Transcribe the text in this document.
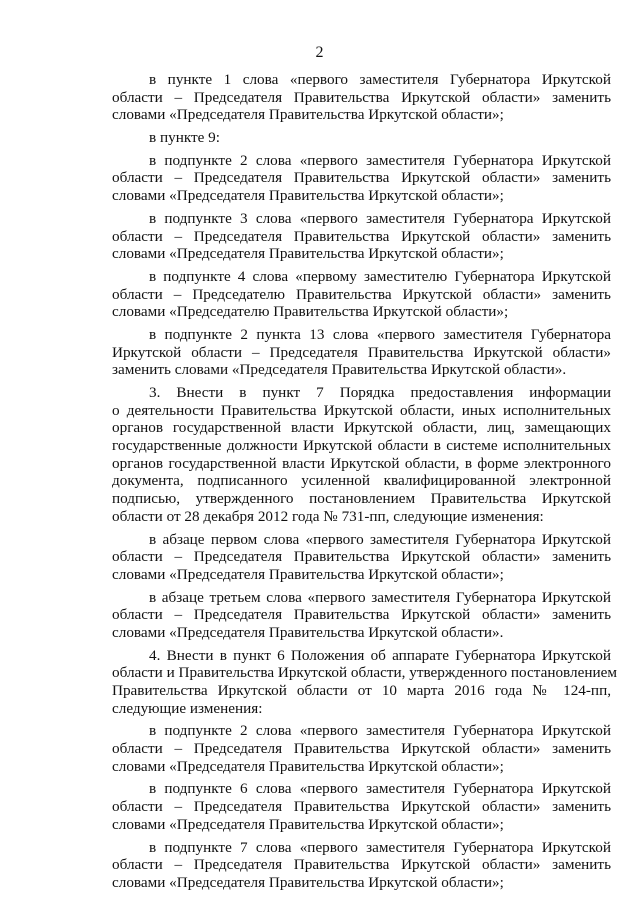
2
в пункте 1 слова «первого заместителя Губернатора Иркутской
области – Председателя Правительства Иркутской области» заменить
словами «Председателя Правительства Иркутской области»;
в пункте 9:
в подпункте 2 слова «первого заместителя Губернатора Иркутской
области – Председателя Правительства Иркутской области» заменить
словами «Председателя Правительства Иркутской области»;
в подпункте 3 слова «первого заместителя Губернатора Иркутской
области – Председателя Правительства Иркутской области» заменить
словами «Председателя Правительства Иркутской области»;
в подпункте 4 слова «первому заместителю Губернатора Иркутской
области – Председателю Правительства Иркутской области» заменить
словами «Председателю Правительства Иркутской области»;
в подпункте 2 пункта 13 слова «первого заместителя Губернатора
Иркутской области – Председателя Правительства Иркутской области»
заменить словами «Председателя Правительства Иркутской области».
3. Внести в пункт 7 Порядка предоставления информации
о деятельности Правительства Иркутской области, иных исполнительных
органов государственной власти Иркутской области, лиц, замещающих
государственные должности Иркутской области в системе исполнительных
органов государственной власти Иркутской области, в форме электронного
документа, подписанного усиленной квалифицированной электронной
подписью, утвержденного постановлением Правительства Иркутской
области от 28 декабря 2012 года № 731-пп, следующие изменения:
в абзаце первом слова «первого заместителя Губернатора Иркутской
области – Председателя Правительства Иркутской области» заменить
словами «Председателя Правительства Иркутской области»;
в абзаце третьем слова «первого заместителя Губернатора Иркутской
области – Председателя Правительства Иркутской области» заменить
словами «Председателя Правительства Иркутской области».
4. Внести в пункт 6 Положения об аппарате Губернатора Иркутской
области и Правительства Иркутской области, утвержденного постановлением
Правительства Иркутской области от 10 марта 2016 года № 124-пп,
следующие изменения:
в подпункте 2 слова «первого заместителя Губернатора Иркутской
области – Председателя Правительства Иркутской области» заменить
словами «Председателя Правительства Иркутской области»;
в подпункте 6 слова «первого заместителя Губернатора Иркутской
области – Председателя Правительства Иркутской области» заменить
словами «Председателя Правительства Иркутской области»;
в подпункте 7 слова «первого заместителя Губернатора Иркутской
области – Председателя Правительства Иркутской области» заменить
словами «Председателя Правительства Иркутской области»;
